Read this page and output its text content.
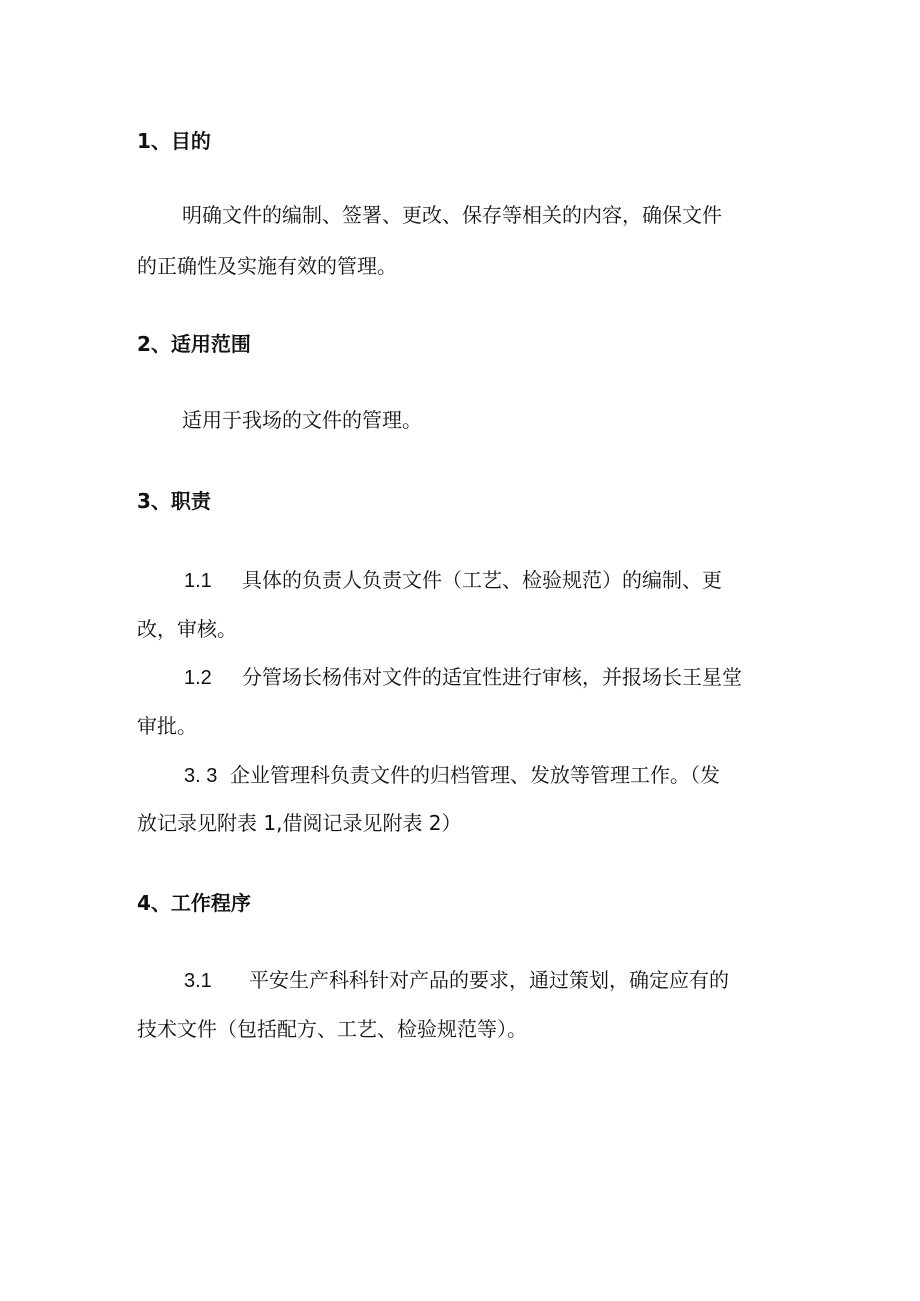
1、目的

明确文件的编制、签署、更改、保存等相关的内容，确保文件

的正确性及实施有效的管理。

2、适用范围

适用于我场的文件的管理。

3、职责

1.1 具体的负责人负责文件（工艺、检验规范）的编制、更

改，审核。

1.2 分管场长杨伟对文件的适宜性进行审核，并报场长王星堂

审批。

3. 3 企业管理科负责文件的归档管理、发放等管理工作。（发

放记录见附表 1,借阅记录见附表 2）

4、工作程序

3.1 平安生产科科针对产品的要求，通过策划，确定应有的

技术文件（包括配方、工艺、检验规范等）。
